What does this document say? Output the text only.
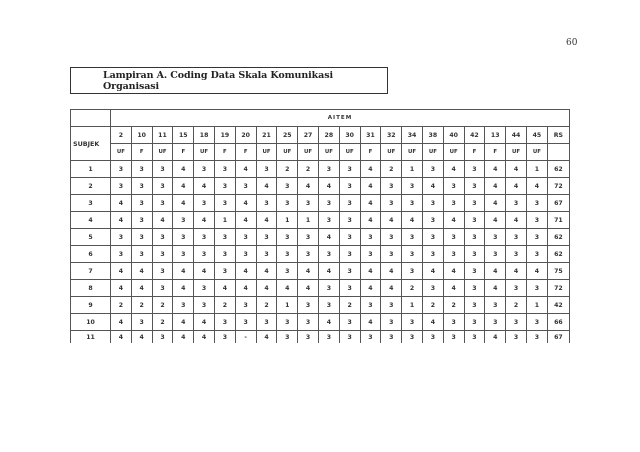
60
Lampiran A. Coding Data Skala Komunikasi Organisasi
	AITEM																					
SUBJEK	2	10	11	15	18	19	20	21	25	27	28	30	31	32	34	38	40	42	13	44	45	RS
	UF	F	UF	F	UF	F	F	UF	UF	UF	UF	UF	F	UF	UF	UF	UF	F	F	UF	UF	
1	3	3	3	4	3	3	4	3	2	2	3	3	4	2	1	3	4	3	4	4	1	62
2	3	3	3	4	4	3	3	4	3	4	4	3	4	3	3	4	3	3	4	4	4	72
3	4	3	3	4	3	3	4	3	3	3	3	3	4	3	3	3	3	3	4	3	3	67
4	4	3	4	3	4	1	4	4	1	1	3	3	4	4	4	3	4	3	4	4	3	71
5	3	3	3	3	3	3	3	3	3	3	4	3	3	3	3	3	3	3	3	3	3	62
6	3	3	3	3	3	3	3	3	3	3	3	3	3	3	3	3	3	3	3	3	3	62
7	4	4	3	4	4	3	4	4	3	4	4	3	4	4	3	4	4	3	4	4	4	75
8	4	4	3	4	3	4	4	4	4	4	3	3	4	4	2	3	4	3	4	3	3	72
9	2	2	2	3	3	2	3	2	1	3	3	2	3	3	1	2	2	3	3	2	1	42
10	4	3	2	4	4	3	3	3	3	3	4	3	4	3	3	4	3	3	3	3	3	66
11	4	4	3	4	4	3	-	4	3	3	3	3	3	3	3	3	3	3	4	3	3	67
